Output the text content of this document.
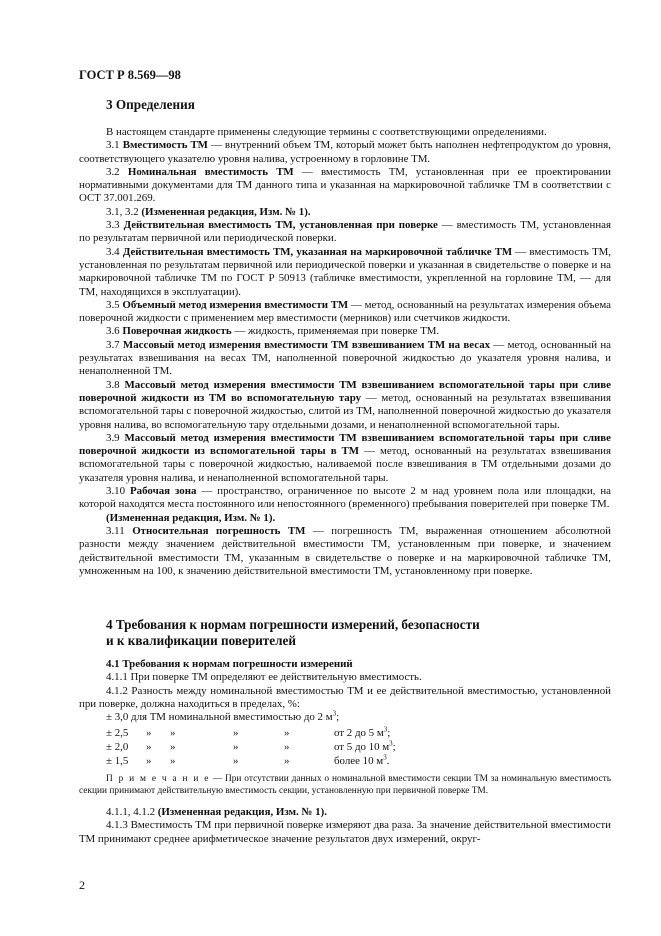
ГОСТ Р 8.569—98
3 Определения

В настоящем стандарте применены следующие термины с соответствующими определениями.

3.1 Вместимость ТМ — внутренний объем ТМ, который может быть наполнен нефтепродуктом до уровня, соответствующего указателю уровня налива, устроенному в горловине ТМ.

3.2 Номинальная вместимость ТМ — вместимость ТМ, установленная при ее проектировании нормативными документами для ТМ данного типа и указанная на маркировочной табличке ТМ в соответствии с ОСТ 37.001.269.

3.1, 3.2 (Измененная редакция, Изм. № 1).

3.3 Действительная вместимость ТМ, установленная при поверке — вместимость ТМ, установленная по результатам первичной или периодической поверки.

3.4 Действительная вместимость ТМ, указанная на маркировочной табличке ТМ — вместимость ТМ, установленная по результатам первичной или периодической поверки и указанная в свидетельстве о поверке и на маркировочной табличке ТМ по ГОСТ Р 50913 (табличке вместимости, укрепленной на горловине ТМ, — для ТМ, находящихся в эксплуатации).

3.5 Объемный метод измерения вместимости ТМ — метод, основанный на результатах измерения объема поверочной жидкости с применением мер вместимости (мерников) или счетчиков жидкости.

3.6 Поверочная жидкость — жидкость, применяемая при поверке ТМ.

3.7 Массовый метод измерения вместимости ТМ взвешиванием ТМ на весах — метод, основанный на результатах взвешивания на весах ТМ, наполненной поверочной жидкостью до указателя уровня налива, и ненаполненной ТМ.

3.8 Массовый метод измерения вместимости ТМ взвешиванием вспомогательной тары при сливе поверочной жидкости из ТМ во вспомогательную тару — метод, основанный на результатах взвешивания вспомогательной тары с поверочной жидкостью, слитой из ТМ, наполненной поверочной жидкостью до указателя уровня налива, во вспомогательную тару отдельными дозами, и ненаполненной вспомогательной тары.

3.9 Массовый метод измерения вместимости ТМ взвешиванием вспомогательной тары при сливе поверочной жидкости из вспомогательной тары в ТМ — метод, основанный на результатах взвешивания вспомогательной тары с поверочной жидкостью, наливаемой после взвешивания в ТМ отдельными дозами до указателя уровня налива, и ненаполненной вспомогательной тары.

3.10 Рабочая зона — пространство, ограниченное по высоте 2 м над уровнем пола или площадки, на которой находятся места постоянного или непостоянного (временного) пребывания поверителей при поверке ТМ.

(Измененная редакция, Изм. № 1).

3.11 Относительная погрешность ТМ — погрешность ТМ, выраженная отношением абсолютной разности между значением действительной вместимости ТМ, установленным при поверке, и значением действительной вместимости ТМ, указанным в свидетельстве о поверке и на маркировочной табличке ТМ, умноженным на 100, к значению действительной вместимости ТМ, установленному при поверке.

4 Требования к нормам погрешности измерений, безопасности
и к квалификации поверителей

4.1 Требования к нормам погрешности измерений

4.1.1 При поверке ТМ определяют ее действительную вместимость.

4.1.2 Разность между номинальной вместимостью ТМ и ее действительной вместимостью, установленной при поверке, должна находиться в пределах, %:

± 3,0 для ТМ номинальной вместимостью до 2 $м^3$;

± 2,5 » »	»	»	от 2 до 5 $м^3$;
± 2,0 » »	»	»	от 5 до 10 $м^3$;
± 1,5 » »	»	»	более 10 $м^3$.

П р и м е ч а н и е — При отсутствии данных о номинальной вместимости секции ТМ за номинальную вместимость секции принимают действительную вместимость секции, установленную при первичной поверке ТМ.

4.1.1, 4.1.2 (Измененная редакция, Изм. № 1).

4.1.3 Вместимость ТМ при первичной поверке измеряют два раза. За значение действительной вместимости ТМ принимают среднее арифметическое значение результатов двух измерений, округ-

2
